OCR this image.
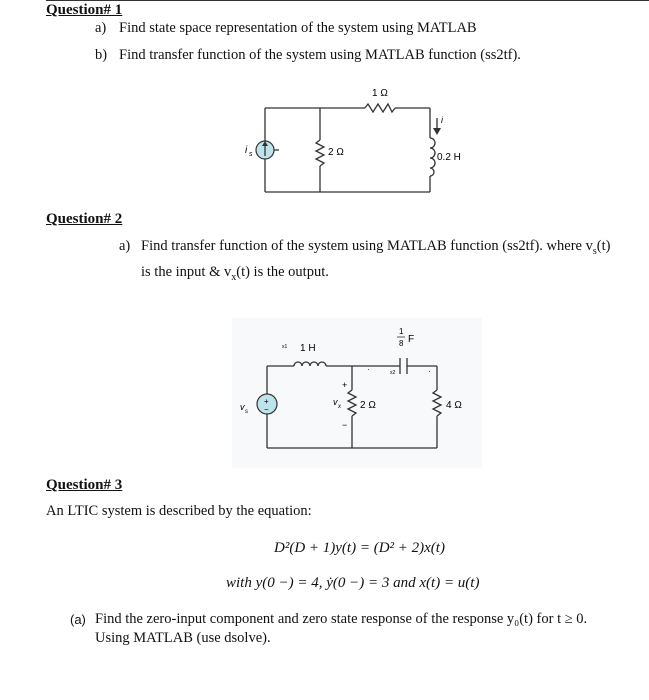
Question# 1
a) Find state space representation of the system using MATLAB
b) Find transfer function of the system using MATLAB function (ss2tf).
i s
1 Ω
2 Ω	0.2 H
i
Question# 2
a) Find transfer function of the system using MATLAB function (ss2tf). where $v_s(t)$
is the input & $v_x(t)$ is the output.
+
−
1
8 F
1 H
x1
x2
·	·
v s
+
v x
−
2 Ω	4 Ω
Question# 3
An LTIC system is described by the equation:
D²(D + 1)y(t) = (D² + 2)x(t)
with y(0 −) = 4, ẏ(0 −) = 3 and x(t) = u(t)
(a) Find the zero-input component and zero state response of the response y₀(t) for t ≥ 0.
Using MATLAB (use dsolve).
